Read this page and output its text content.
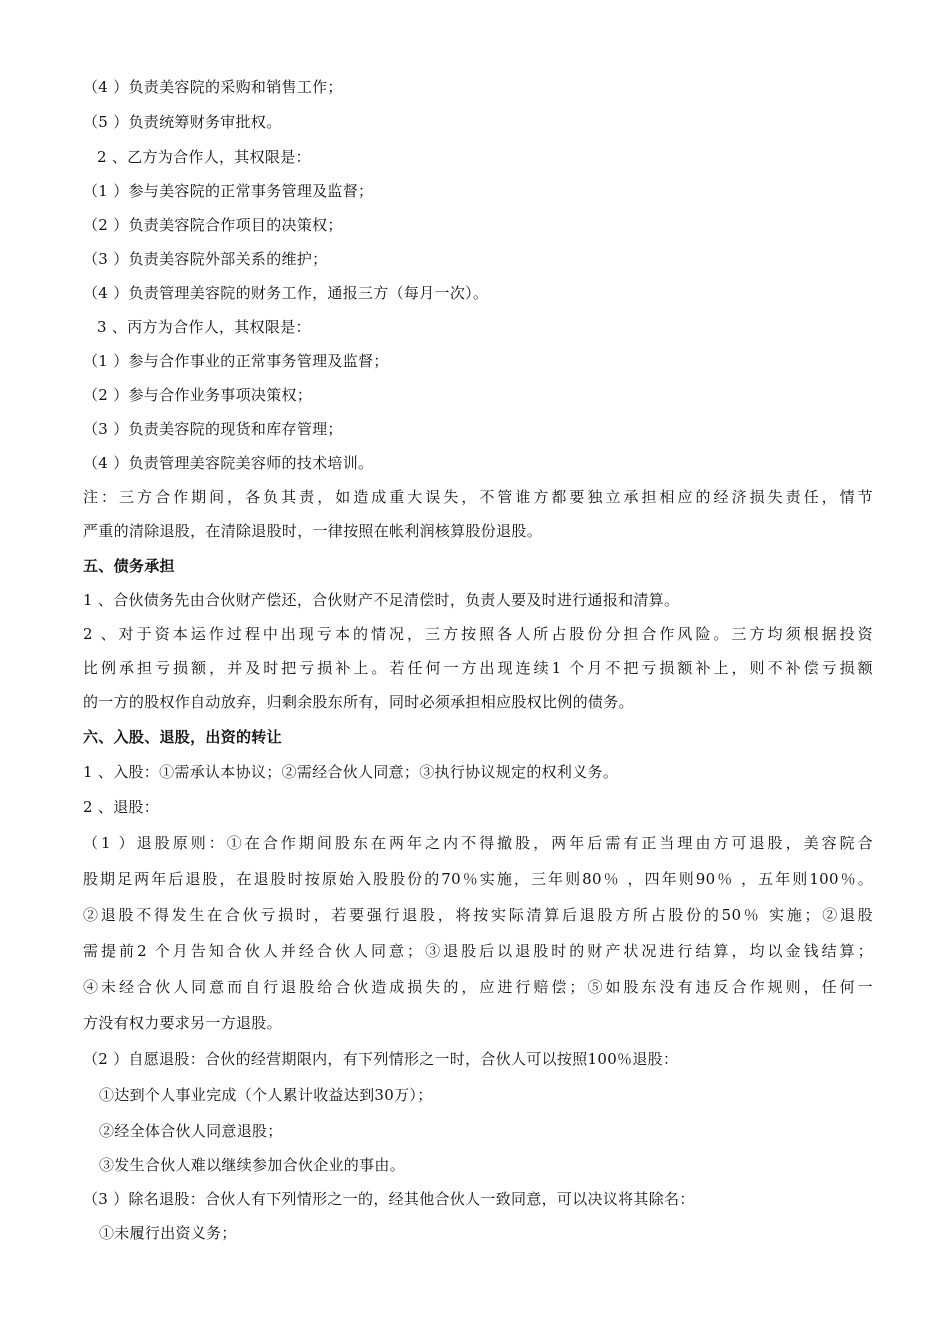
（4 ）负责美容院的采购和销售工作；
（5 ）负责统筹财务审批权。
2 、乙方为合作人，其权限是：
（1 ）参与美容院的正常事务管理及监督；
（2 ）负责美容院合作项目的决策权；
（3 ）负责美容院外部关系的维护；
（4 ）负责管理美容院的财务工作，通报三方（每月一次）。
3 、丙方为合作人，其权限是：
（1 ）参与合作事业的正常事务管理及监督；
（2 ）参与合作业务事项决策权；
（3 ）负责美容院的现货和库存管理；
（4 ）负责管理美容院美容师的技术培训。
注：三方合作期间，各负其责，如造成重大误失，不管谁方都要独立承担相应的经济损失责任，情节
严重的清除退股，在清除退股时，一律按照在帐利润核算股份退股。
五、债务承担
1 、合伙债务先由合伙财产偿还，合伙财产不足清偿时，负责人要及时进行通报和清算。
2 、对于资本运作过程中出现亏本的情况，三方按照各人所占股份分担合作风险。三方均须根据投资
比例承担亏损额，并及时把亏损补上。若任何一方出现连续1 个月不把亏损额补上，则不补偿亏损额
的一方的股权作自动放弃，归剩余股东所有，同时必须承担相应股权比例的债务。
六、入股、退股，出资的转让
1 、入股：①需承认本协议；②需经合伙人同意；③执行协议规定的权利义务。
2 、退股：
（1 ）退股原则：①在合作期间股东在两年之内不得撤股，两年后需有正当理由方可退股，美容院合
股期足两年后退股，在退股时按原始入股股份的70％实施，三年则80％ ，四年则90％ ，五年则100％。
②退股不得发生在合伙亏损时，若要强行退股，将按实际清算后退股方所占股份的50％ 实施；②退股
需提前2 个月告知合伙人并经合伙人同意；③退股后以退股时的财产状况进行结算，均以金钱结算；
④未经合伙人同意而自行退股给合伙造成损失的，应进行赔偿；⑤如股东没有违反合作规则，任何一
方没有权力要求另一方退股。
（2 ）自愿退股：合伙的经营期限内，有下列情形之一时，合伙人可以按照100％退股：
①达到个人事业完成（个人累计收益达到30万）；
②经全体合伙人同意退股；
③发生合伙人难以继续参加合伙企业的事由。
（3 ）除名退股：合伙人有下列情形之一的，经其他合伙人一致同意，可以决议将其除名：
①未履行出资义务；
